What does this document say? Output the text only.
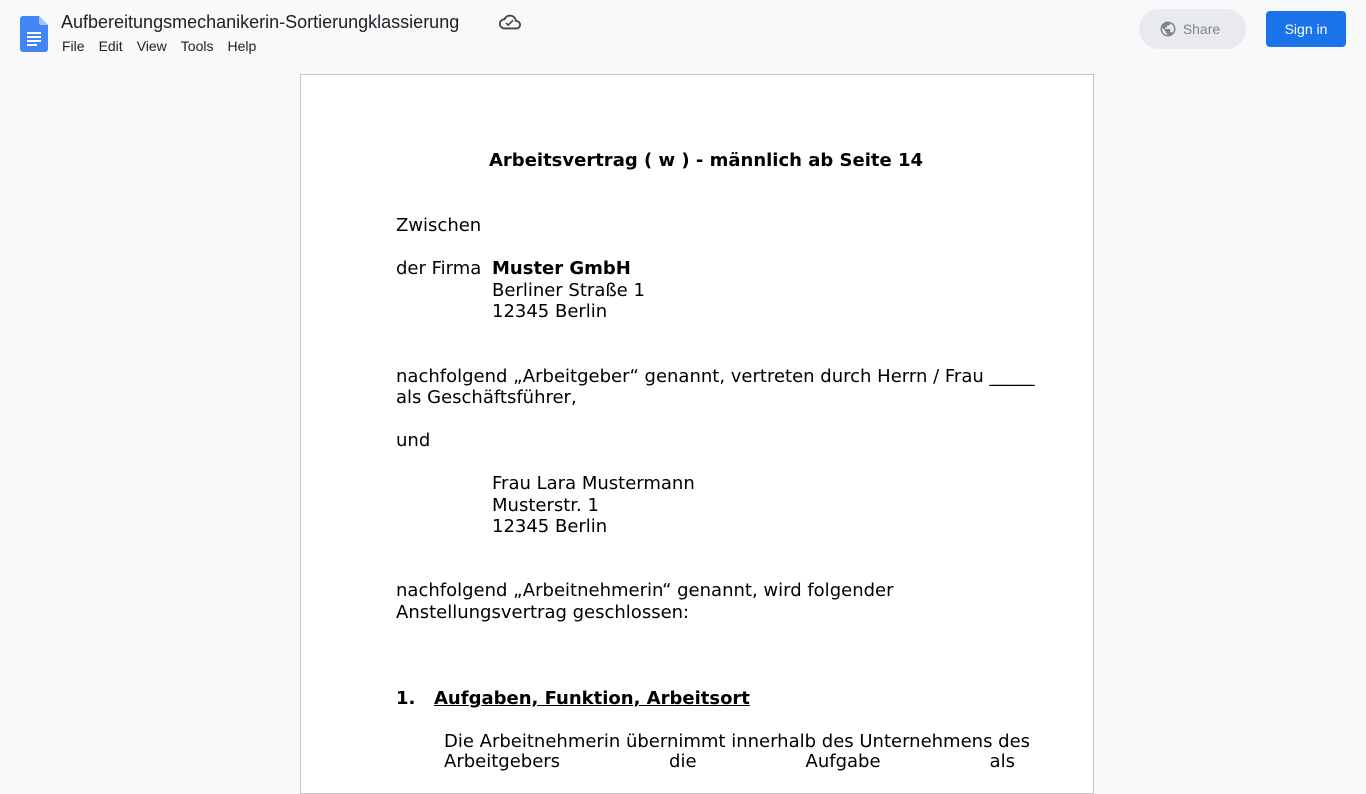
Aufbereitungsmechanikerin-Sortierungklassierung
File	Edit	View	Tools	Help
Share	Sign in
Arbeitsvertrag ( w ) - männlich ab Seite 14
Zwischen
der Firma Muster GmbH
Berliner Straße 1
12345 Berlin
nachfolgend „Arbeitgeber“ genannt, vertreten durch Herrn / Frau _____
als Geschäftsführer,
und
Frau Lara Mustermann
Musterstr. 1
12345 Berlin
nachfolgend „Arbeitnehmerin“ genannt, wird folgender
Anstellungsvertrag geschlossen:
1. Aufgaben, Funktion, Arbeitsort
Die Arbeitnehmerin übernimmt innerhalb des Unternehmens des
Arbeitgebers	die	Aufgabe	als
